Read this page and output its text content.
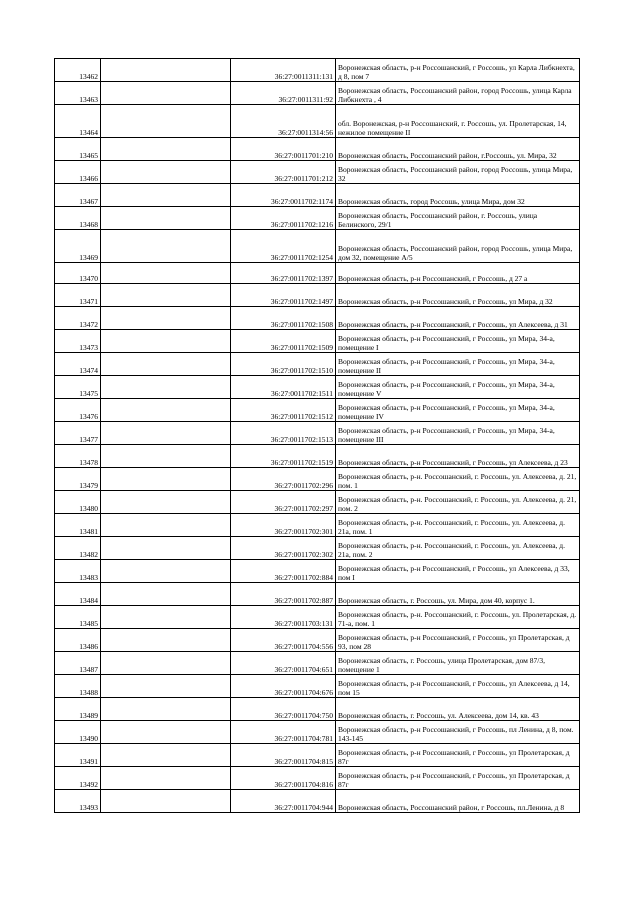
13462		36:27:0011311:131	Воронежская область, р-н Россошанский, г Россошь, ул Карла Либкнехта, д 8, пом 7
13463		36:27:0011311:92	Воронежская область, Россошанский район, город Россошь, улица Карла Либкнехта , 4
13464		36:27:0011314:56	обл. Воронежская, р-н Россошанский, г. Россошь, ул. Пролетарская, 14, нежилое помещение II
13465		36:27:0011701:210	Воронежская область, Россошанский район, г.Россошь, ул. Мира, 32
13466		36:27:0011701:212	Воронежская область, Россошанский район, город Россошь, улица Мира, 32
13467		36:27:0011702:1174	Воронежская область, город Россошь, улица Мира, дом 32
13468		36:27:0011702:1216	Воронежская область, Россошанский район, г. Россошь, улица Белинского, 29/1
13469		36:27:0011702:1254	Воронежская область, Россошанский район, город Россошь, улица Мира, дом 32, помещение А/5
13470		36:27:0011702:1397	Воронежская область, р-н Россошанский, г Россошь, д 27 а
13471		36:27:0011702:1497	Воронежская область, р-н Россошанский, г Россошь, ул Мира, д 32
13472		36:27:0011702:1508	Воронежская область, р-н Россошанский, г Россошь, ул Алексеева, д 31
13473		36:27:0011702:1509	Воронежская область, р-н Россошанский, г Россошь, ул Мира, 34-а, помещение I
13474		36:27:0011702:1510	Воронежская область, р-н Россошанский, г Россошь, ул Мира, 34-а, помещение II
13475		36:27:0011702:1511	Воронежская область, р-н Россошанский, г Россошь, ул Мира, 34-а, помещение V
13476		36:27:0011702:1512	Воронежская область, р-н Россошанский, г Россошь, ул Мира, 34-а, помещение IV
13477		36:27:0011702:1513	Воронежская область, р-н Россошанский, г Россошь, ул Мира, 34-а, помещение III
13478		36:27:0011702:1519	Воронежская область, р-н Россошанский, г Россошь, ул Алексеева, д 23
13479		36:27:0011702:296	Воронежская область, р-н. Россошанский, г. Россошь, ул. Алексеева, д. 21, пом. 1
13480		36:27:0011702:297	Воронежская область, р-н. Россошанский, г. Россошь, ул. Алексеева, д. 21, пом. 2
13481		36:27:0011702:301	Воронежская область, р-н. Россошанский, г. Россошь, ул. Алексеева, д. 21а, пом. 1
13482		36:27:0011702:302	Воронежская область, р-н. Россошанский, г. Россошь, ул. Алексеева, д. 21а, пом. 2
13483		36:27:0011702:884	Воронежская область, р-н Россошанский, г Россошь, ул Алексеева, д 33, пом I
13484		36:27:0011702:887	Воронежская область, г. Россошь, ул. Мира, дом 40, корпус 1.
13485		36:27:0011703:131	Воронежская область, р-н. Россошанский, г. Россошь, ул. Пролетарская, д. 71-а, пом. 1
13486		36:27:0011704:556	Воронежская область, р-н Россошанский, г Россошь, ул Пролетарская, д 93, пом 28
13487		36:27:0011704:651	Воронежская область, г. Россошь, улица Пролетарская, дом 87/3, помещение 1
13488		36:27:0011704:676	Воронежская область, р-н Россошанский, г Россошь, ул Алексеева, д 14, пом 15
13489		36:27:0011704:750	Воронежская область, г. Россошь, ул. Алексеева, дом 14, кв. 43
13490		36:27:0011704:781	Воронежская область, р-н Россошанский, г Россошь, пл Ленина, д 8, пом. 143-145
13491		36:27:0011704:815	Воронежская область, р-н Россошанский, г Россошь, ул Пролетарская, д 87г
13492		36:27:0011704:816	Воронежская область, р-н Россошанский, г Россошь, ул Пролетарская, д 87г
13493		36:27:0011704:944	Воронежская область, Россошанский район, г Россошь, пл.Ленина, д 8
